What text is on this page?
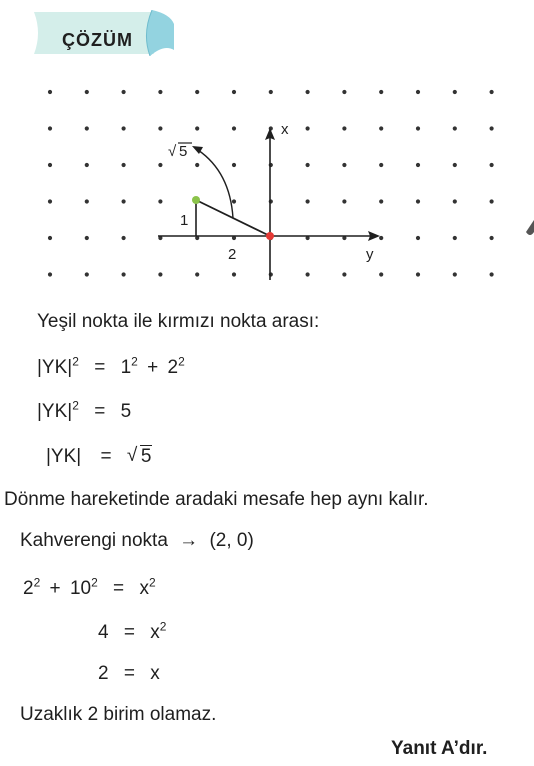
ÇÖZÜM
x
y
1
2
√ 5
Yeşil nokta ile kırmızı nokta arası:
$|YK|^2 = 1^2 + 2^2$
$|YK|^2 = 5$
|YK| = √ 5
Dönme hareketinde aradaki mesafe hep aynı kalır.
Kahverengi nokta → (2, 0)
$2^2 + 10^2 = x^2$
$4 = x^2$
2 = x
Uzaklık 2 birim olamaz.
Yanıt A’dır.
